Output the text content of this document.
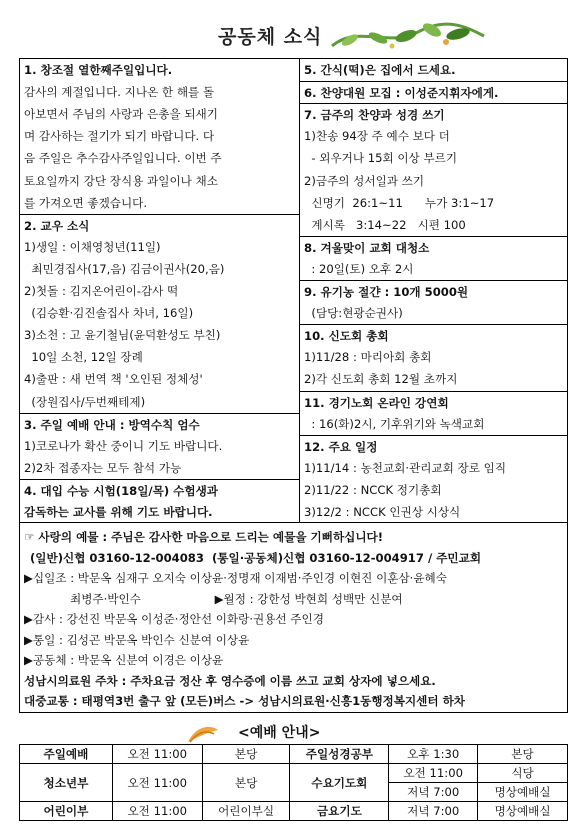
공동체 소식
1. 창조절 열한째주일입니다.
감사의 계절입니다. 지나온 한 해를 돌
아보면서 주님의 사랑과 은총을 되새기
며 감사하는 절기가 되기 바랍니다. 다
음 주일은 추수감사주일입니다. 이번 주
토요일까지 강단 장식용 과일이나 채소
를 가져오면 좋겠습니다.
2. 교우 소식
1)생일 : 이채영청년(11일)
최민경집사(17,음) 김금이권사(20,음)
2)첫돌 : 김지온어린이-감사 떡
(김승환·김진솔집사 차녀, 16일)
3)소천 : 고 윤기철님(윤덕환성도 부친)
10일 소천, 12일 장례
4)출판 : 새 번역 책 '오인된 정체성'
(장원집사/두번째테제)
3. 주일 예배 안내 : 방역수칙 엄수
1)코로나가 확산 중이니 기도 바랍니다.
2)2차 접종자는 모두 참석 가능
4. 대입 수능 시험(18일/목) 수험생과
감독하는 교사를 위해 기도 바랍니다.
5. 간식(떡)은 집에서 드세요.
6. 찬양대원 모집 : 이성준지휘자에게.
7. 금주의 찬양과 성경 쓰기
1)찬송 94장 주 예수 보다 더
- 외우거나 15회 이상 부르기
2)금주의 성서일과 쓰기
신명기  26:1~11      누가 3:1~17
계시록   3:14~22   시편 100
8. 겨울맞이 교회 대청소
: 20일(토) 오후 2시
9. 유기농 절갼 : 10개 5000원
(담당:현광순권사)
10. 신도회 총회
1)11/28 : 마리아회 총회
2)각 신도회 총회 12월 초까지
11. 경기노회 온라인 강연회
: 16(화)2시, 기후위기와 녹색교회
12. 주요 일정
1)11/14 : 농천교회·관리교회 장로 임직
2)11/22 : NCCK 정기총회
3)12/2 : NCCK 인권상 시상식
☞ 사랑의 예물 : 주님은 감사한 마음으로 드리는 예물을 기뻐하십니다!
(일반)신협 03160-12-004083  (통일·공동체)신협 03160-12-004917 / 주민교회
▶십일조 : 박문옥 심재구 오지숙 이상윤·정명재 이재범·주인경 이현진 이훈삼·윤혜숙
최병주·박인수                    ▶월정 : 강한성 박현희 성백만 신분여
▶감사 : 강선진 박문옥 이성준·정안선 이화랑·권용선 주인경
▶통일 : 김성곤 박문옥 박인수 신분여 이상윤
▶공동체 : 박문옥 신분여 이경은 이상윤
성남시의료원 주차 : 주차요금 정산 후 영수증에 이름 쓰고 교회 상자에 넣으세요.
대중교통 : 태평역3번 출구 앞 (모든)버스 -> 성남시의료원·신흥1동행정복지센터 하차
<예배 안내>
주일예배	오전 11:00	본당	주일성경공부	오후 1:30	본당
청소년부	오전 11:00	본당	수요기도회	오전 11:00	식당
				저녁 7:00	명상예배실
어린이부	오전 11:00	어린이부실	금요기도	저녁 7:00	명상예배실
